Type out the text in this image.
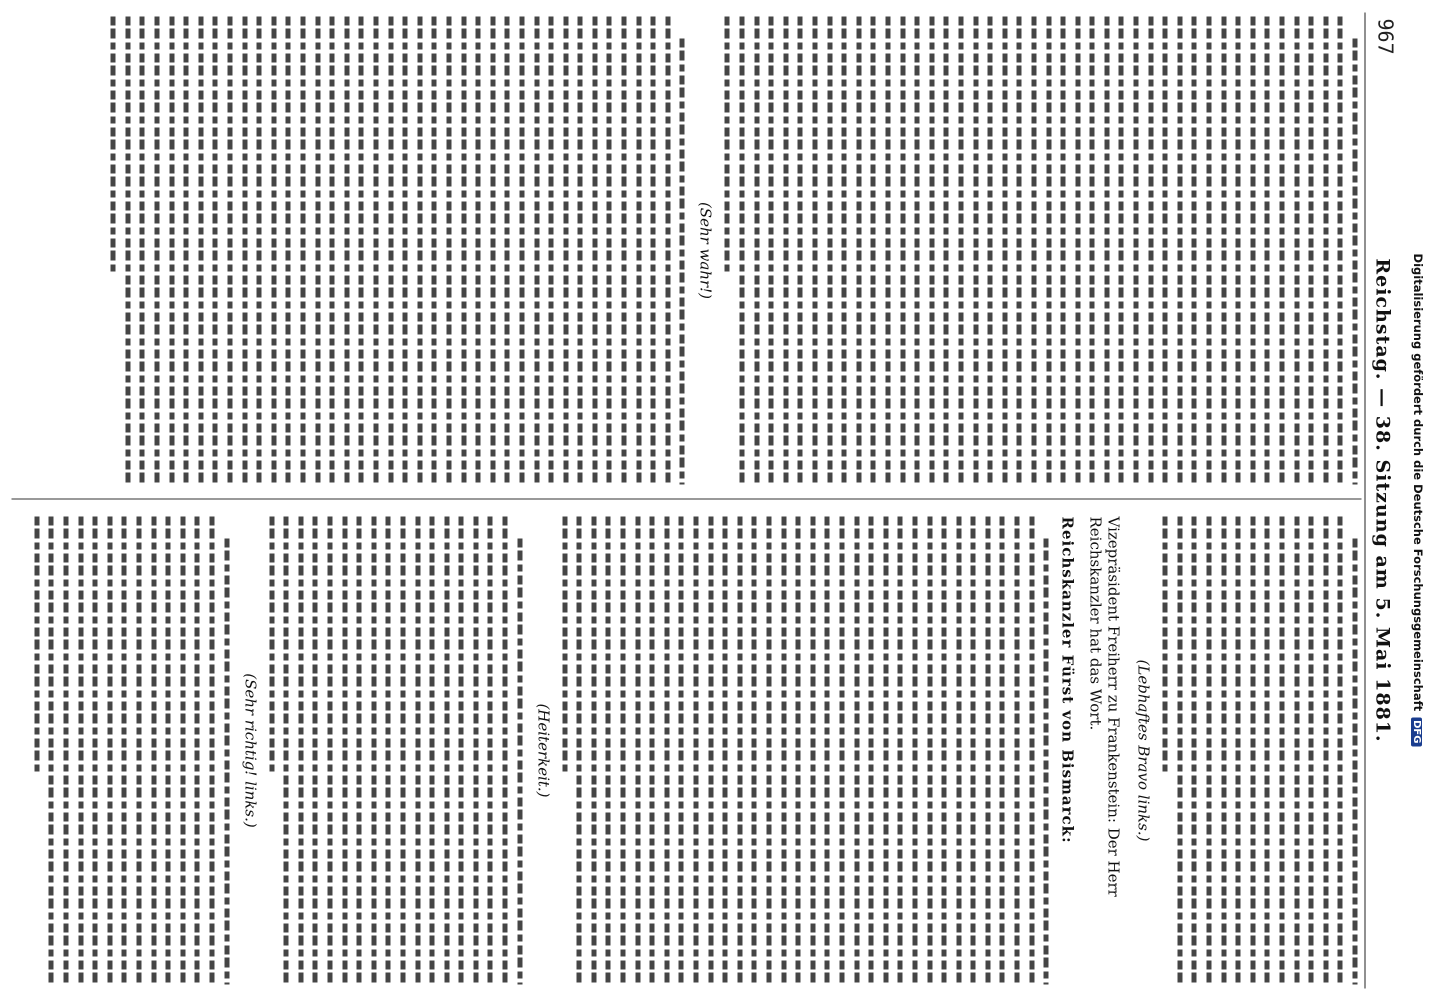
967
Reichstag. — 38. Sitzung am 5. Mai 1881.
(Sehr wahr!)
(Lebhaftes Bravo links.)
Vizepräsident Freiherr zu Frankenstein: Der Herr Reichskanzler hat das Wort.
Reichskanzler Fürst von Bismarck:
(Heiterkeit.)
(Sehr richtig! links.)
Digitalisierung gefördert durch die Deutsche ForschungsgemeinschaftDFG
